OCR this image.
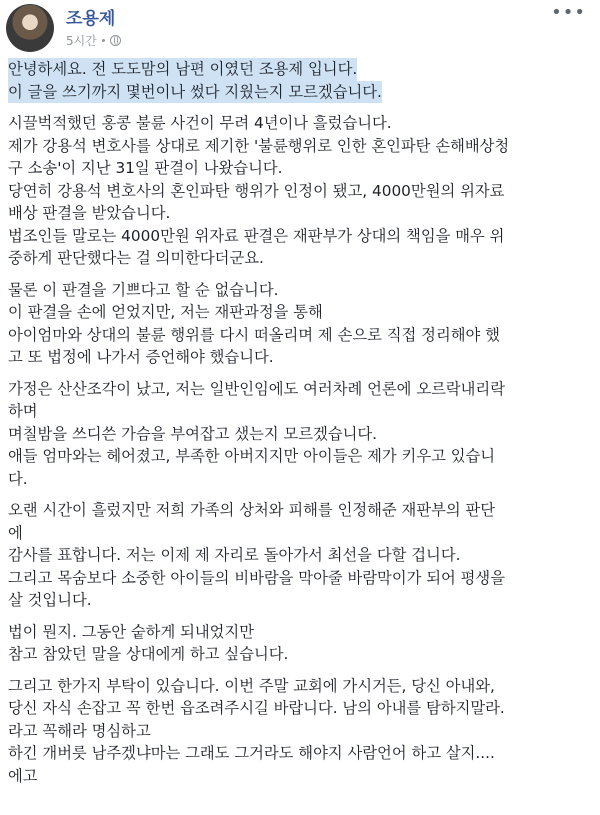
조용제
5시간
•••

안녕하세요. 전 도도맘의 남편 이였던 조용제 입니다.
이 글을 쓰기까지 몇번이나 썼다 지웠는지 모르겠습니다.

시끌벅적했던 홍콩 불륜 사건이 무려 4년이나 흘렀습니다.
제가 강용석 변호사를 상대로 제기한 '불륜행위로 인한 혼인파탄 손해배상청
구 소송'이 지난 31일 판결이 나왔습니다.
당연히 강용석 변호사의 혼인파탄 행위가 인정이 됐고, 4000만원의 위자료
배상 판결을 받았습니다.
법조인들 말로는 4000만원 위자료 판결은 재판부가 상대의 책임을 매우 위
중하게 판단했다는 걸 의미한다더군요.

물론 이 판결을 기쁘다고 할 순 없습니다.
이 판결을 손에 얻었지만, 저는 재판과정을 통해
아이엄마와 상대의 불륜 행위를 다시 떠올리며 제 손으로 직접 정리해야 했
고 또 법정에 나가서 증언해야 했습니다.

가정은 산산조각이 났고, 저는 일반인임에도 여러차례 언론에 오르락내리락
하며
며칠밤을 쓰디쓴 가슴을 부여잡고 샜는지 모르겠습니다.
애들 엄마와는 헤어졌고, 부족한 아버지지만 아이들은 제가 키우고 있습니
다.

오랜 시간이 흘렀지만 저희 가족의 상처와 피해를 인정해준 재판부의 판단
에
감사를 표합니다. 저는 이제 제 자리로 돌아가서 최선을 다할 겁니다.
그리고 목숨보다 소중한 아이들의 비바람을 막아줄 바람막이가 되어 평생을
살 것입니다.

법이 뭔지. 그동안 숱하게 되내었지만
참고 참았던 말을 상대에게 하고 싶습니다.

그리고 한가지 부탁이 있습니다. 이번 주말 교회에 가시거든, 당신 아내와,
당신 자식 손잡고 꼭 한번 읍조려주시길 바랍니다. 남의 아내를 탐하지말라.
라고 꼭해라 명심하고
하긴 개버릇 남주겠냐마는 그래도 그거라도 해야지 사람언어 하고 살지....
에고
